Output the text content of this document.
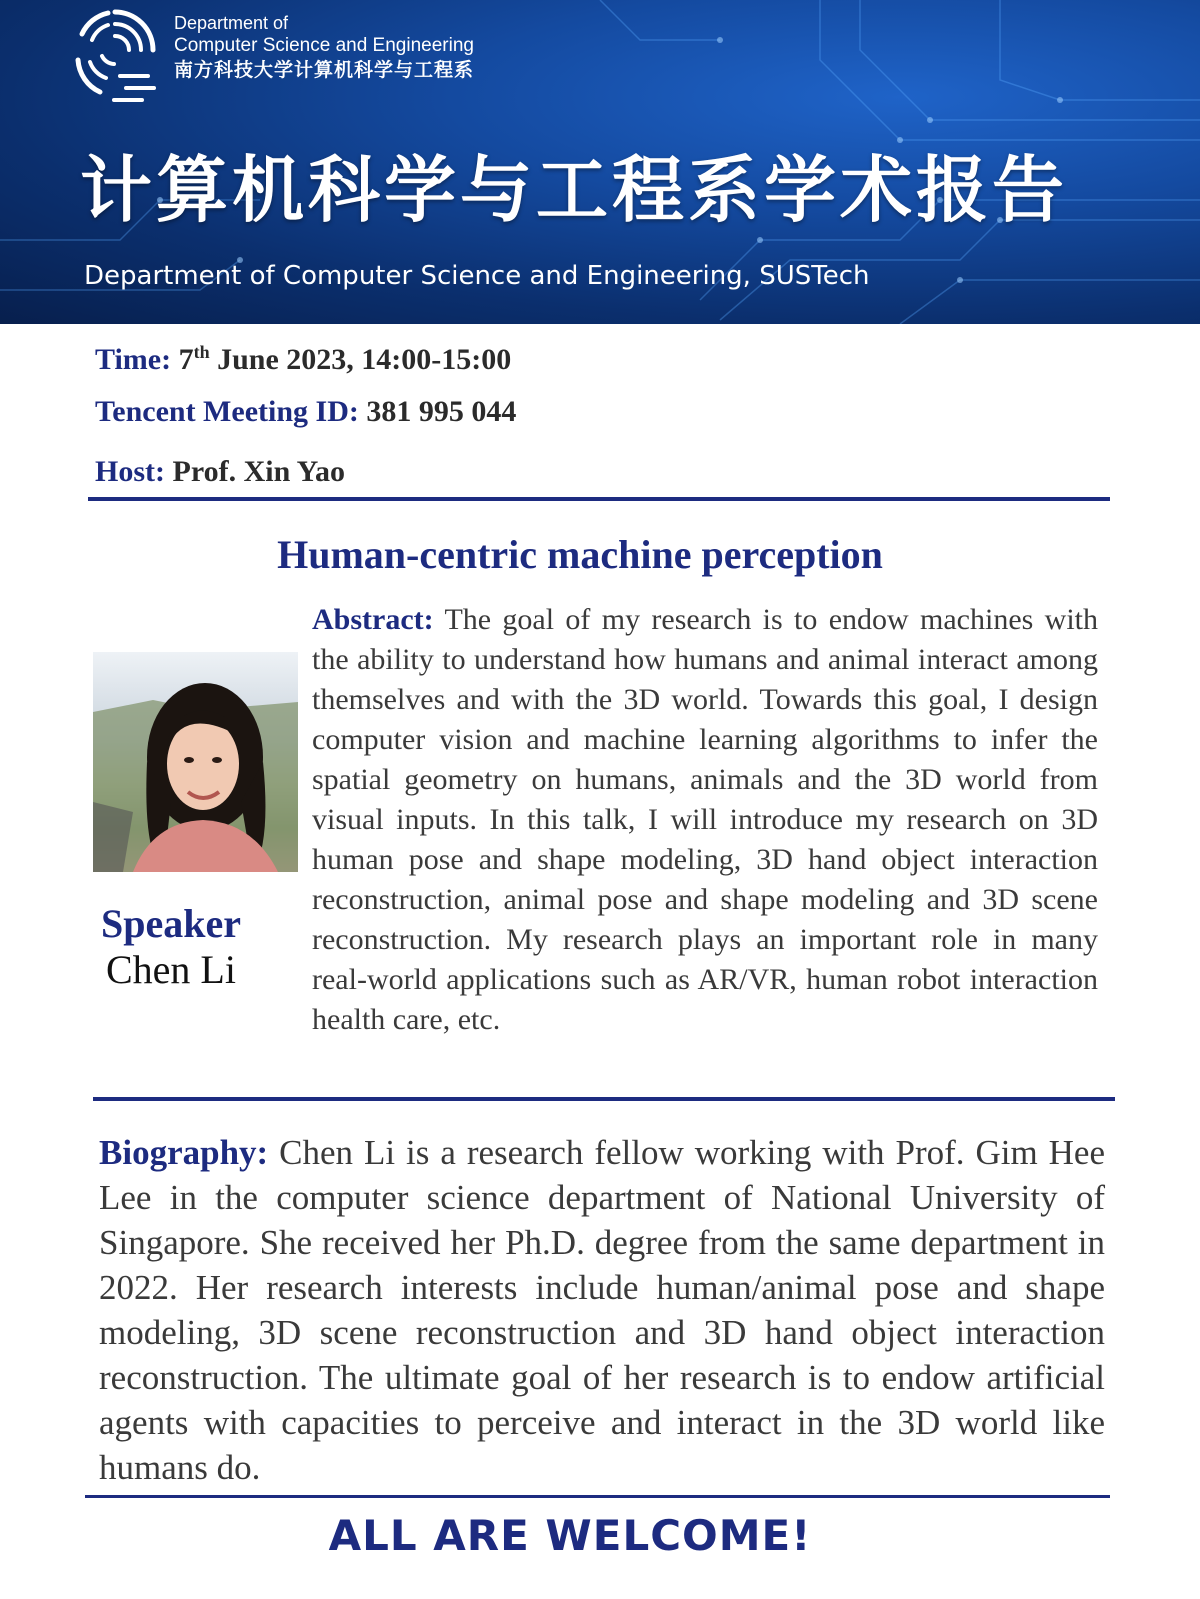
Department of
Computer Science and Engineering
南方科技大学计算机科学与工程系
计算机科学与工程系学术报告
Department of Computer Science and Engineering, SUSTech
Time: 7th June 2023, 14:00-15:00
Tencent Meeting ID: 381 995 044
Host: Prof. Xin Yao
Human-centric machine perception
Speaker
Chen Li
Abstract: The goal of my research is to endow machines with the ability to understand how humans and animal interact among themselves and with the 3D world. Towards this goal, I design computer vision and machine learning algorithms to infer the spatial geometry on humans, animals and the 3D world from visual inputs. In this talk, I will introduce my research on 3D human pose and shape modeling, 3D hand object interaction reconstruction, animal pose and shape modeling and 3D scene reconstruction. My research plays an important role in many real-world applications such as AR/VR, human robot interaction health care, etc.
Biography: Chen Li is a research fellow working with Prof. Gim Hee Lee in the computer science department of National University of Singapore. She received her Ph.D. degree from the same department in 2022. Her research interests include human/animal pose and shape modeling, 3D scene reconstruction and 3D hand object interaction reconstruction. The ultimate goal of her research is to endow artificial agents with capacities to perceive and interact in the 3D world like humans do.
ALL ARE WELCOME!
